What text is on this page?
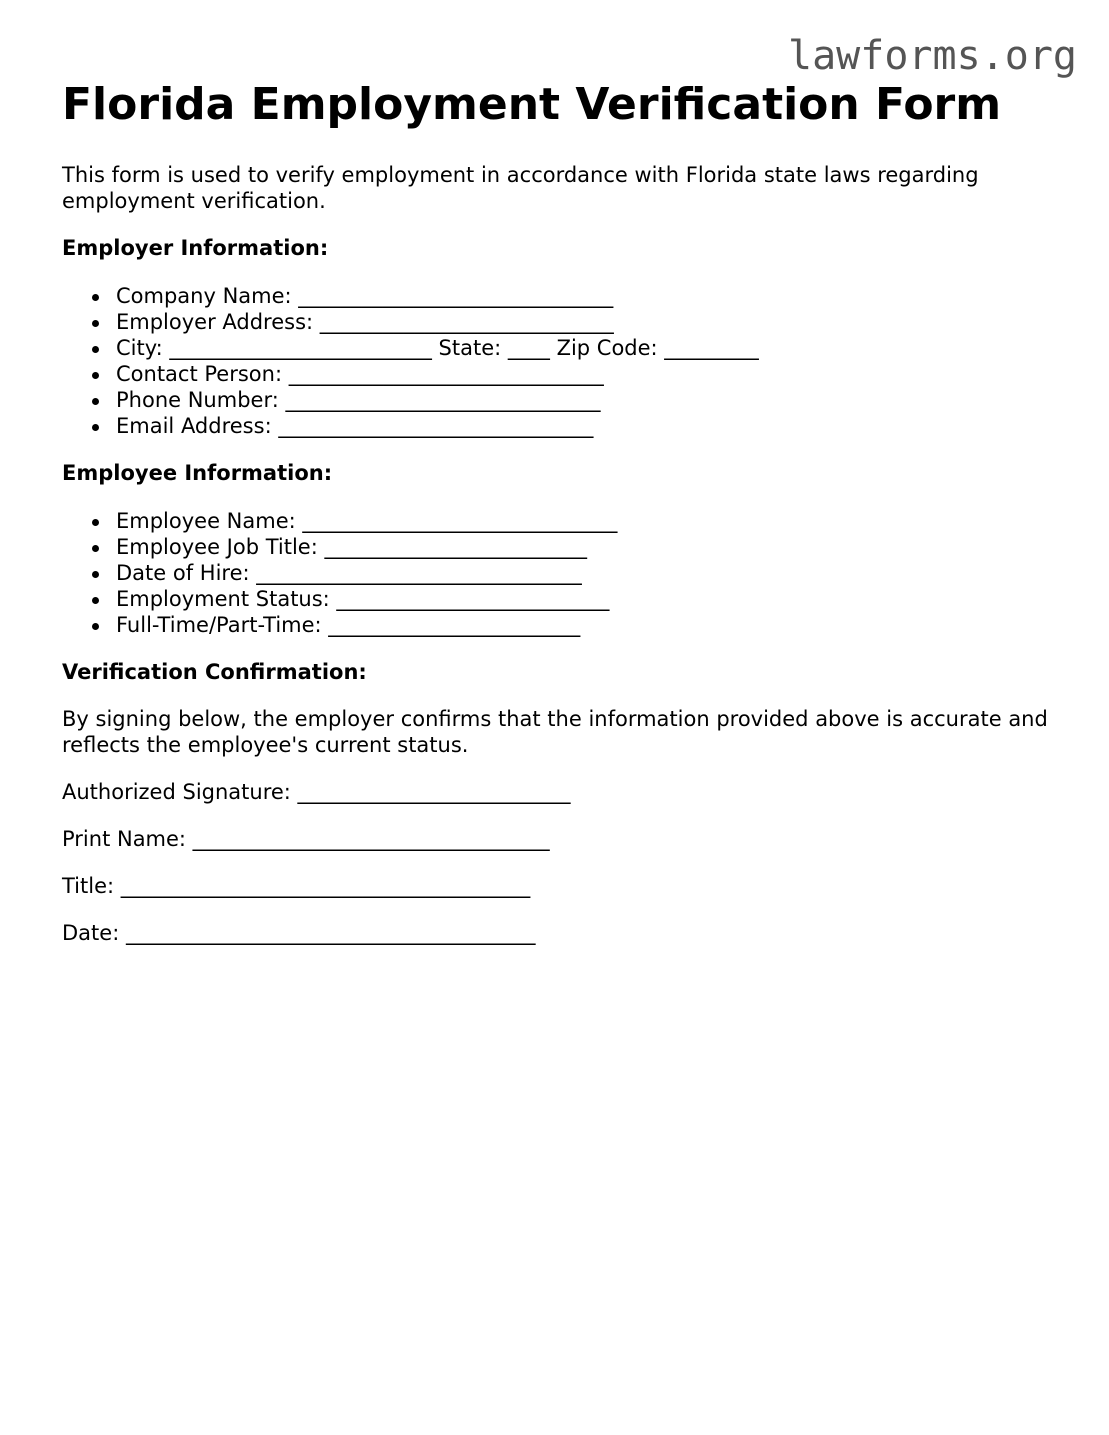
lawforms.org
Florida Employment Verification Form

This form is used to verify employment in accordance with Florida state laws regarding employment verification.

Employer Information:

Company Name: ______________________________
Employer Address: ____________________________
City: _________________________ State: ____ Zip Code: _________
Contact Person: ______________________________
Phone Number: ______________________________
Email Address: ______________________________

Employee Information:

Employee Name: ______________________________
Employee Job Title: _________________________
Date of Hire: _______________________________
Employment Status: __________________________
Full-Time/Part-Time: ________________________

Verification Confirmation:

By signing below, the employer confirms that the information provided above is accurate and reflects the employee's current status.

Authorized Signature: __________________________

Print Name: __________________________________

Title: _______________________________________

Date: _______________________________________
